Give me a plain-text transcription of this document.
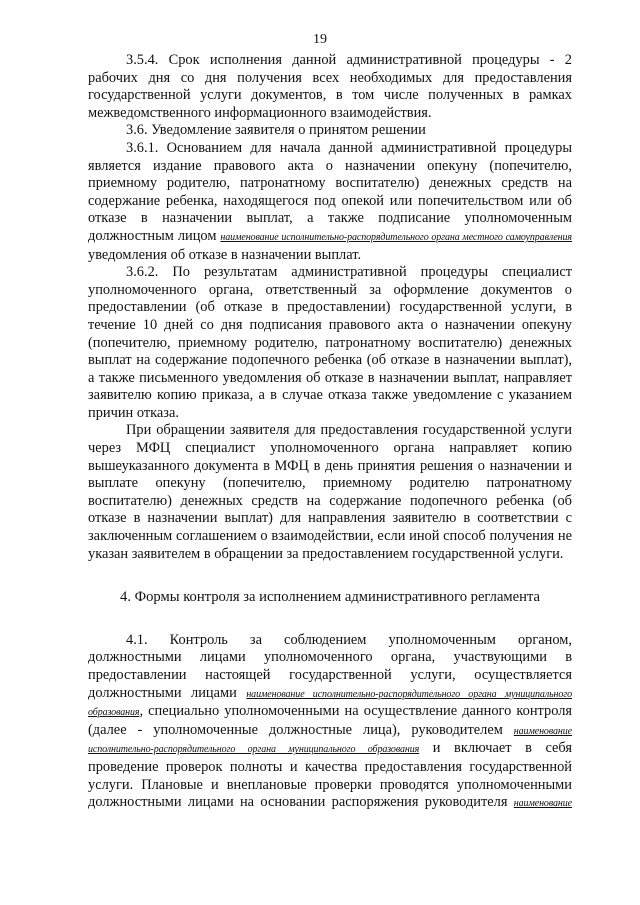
19

3.5.4. Срок исполнения данной административной процедуры - 2 рабочих дня со дня получения всех необходимых для предоставления государственной услуги документов, в том числе полученных в рамках межведомственного информационного взаимодействия.

3.6. Уведомление заявителя о принятом решении

3.6.1. Основанием для начала данной административной процедуры является издание правового акта о назначении опекуну (попечителю, приемному родителю, патронатному воспитателю) денежных средств на содержание ребенка, находящегося под опекой или попечительством или об отказе в назначении выплат, а также подписание уполномоченным должностным лицом наименование исполнительно-распорядительного органа местного самоуправления уведомления об отказе в назначении выплат.

3.6.2. По результатам административной процедуры специалист уполномоченного органа, ответственный за оформление документов о предоставлении (об отказе в предоставлении) государственной услуги, в течение 10 дней со дня подписания правового акта о назначении опекуну (попечителю, приемному родителю, патронатному воспитателю) денежных выплат на содержание подопечного ребенка (об отказе в назначении выплат), а также письменного уведомления об отказе в назначении выплат, направляет заявителю копию приказа, а в случае отказа также уведомление с указанием причин отказа.

При обращении заявителя для предоставления государственной услуги через МФЦ специалист уполномоченного органа направляет копию вышеуказанного документа в МФЦ в день принятия решения о назначении и выплате опекуну (попечителю, приемному родителю патронатному воспитателю) денежных средств на содержание подопечного ребенка (об отказе в назначении выплат) для направления заявителю в соответствии с заключенным соглашением о взаимодействии, если иной способ получения не указан заявителем в обращении за предоставлением государственной услуги.

4. Формы контроля за исполнением административного регламента

4.1. Контроль за соблюдением уполномоченным органом, должностными лицами уполномоченного органа, участвующими в предоставлении настоящей государственной услуги, осуществляется должностными лицами наименование исполнительно-распорядительного органа муниципального образования, специально уполномоченными на осуществление данного контроля (далее - уполномоченные должностные лица), руководителем наименование исполнительно-распорядительного органа муниципального образования и включает в себя проведение проверок полноты и качества предоставления государственной услуги. Плановые и внеплановые проверки проводятся уполномоченными должностными лицами на основании распоряжения руководителя наименование
